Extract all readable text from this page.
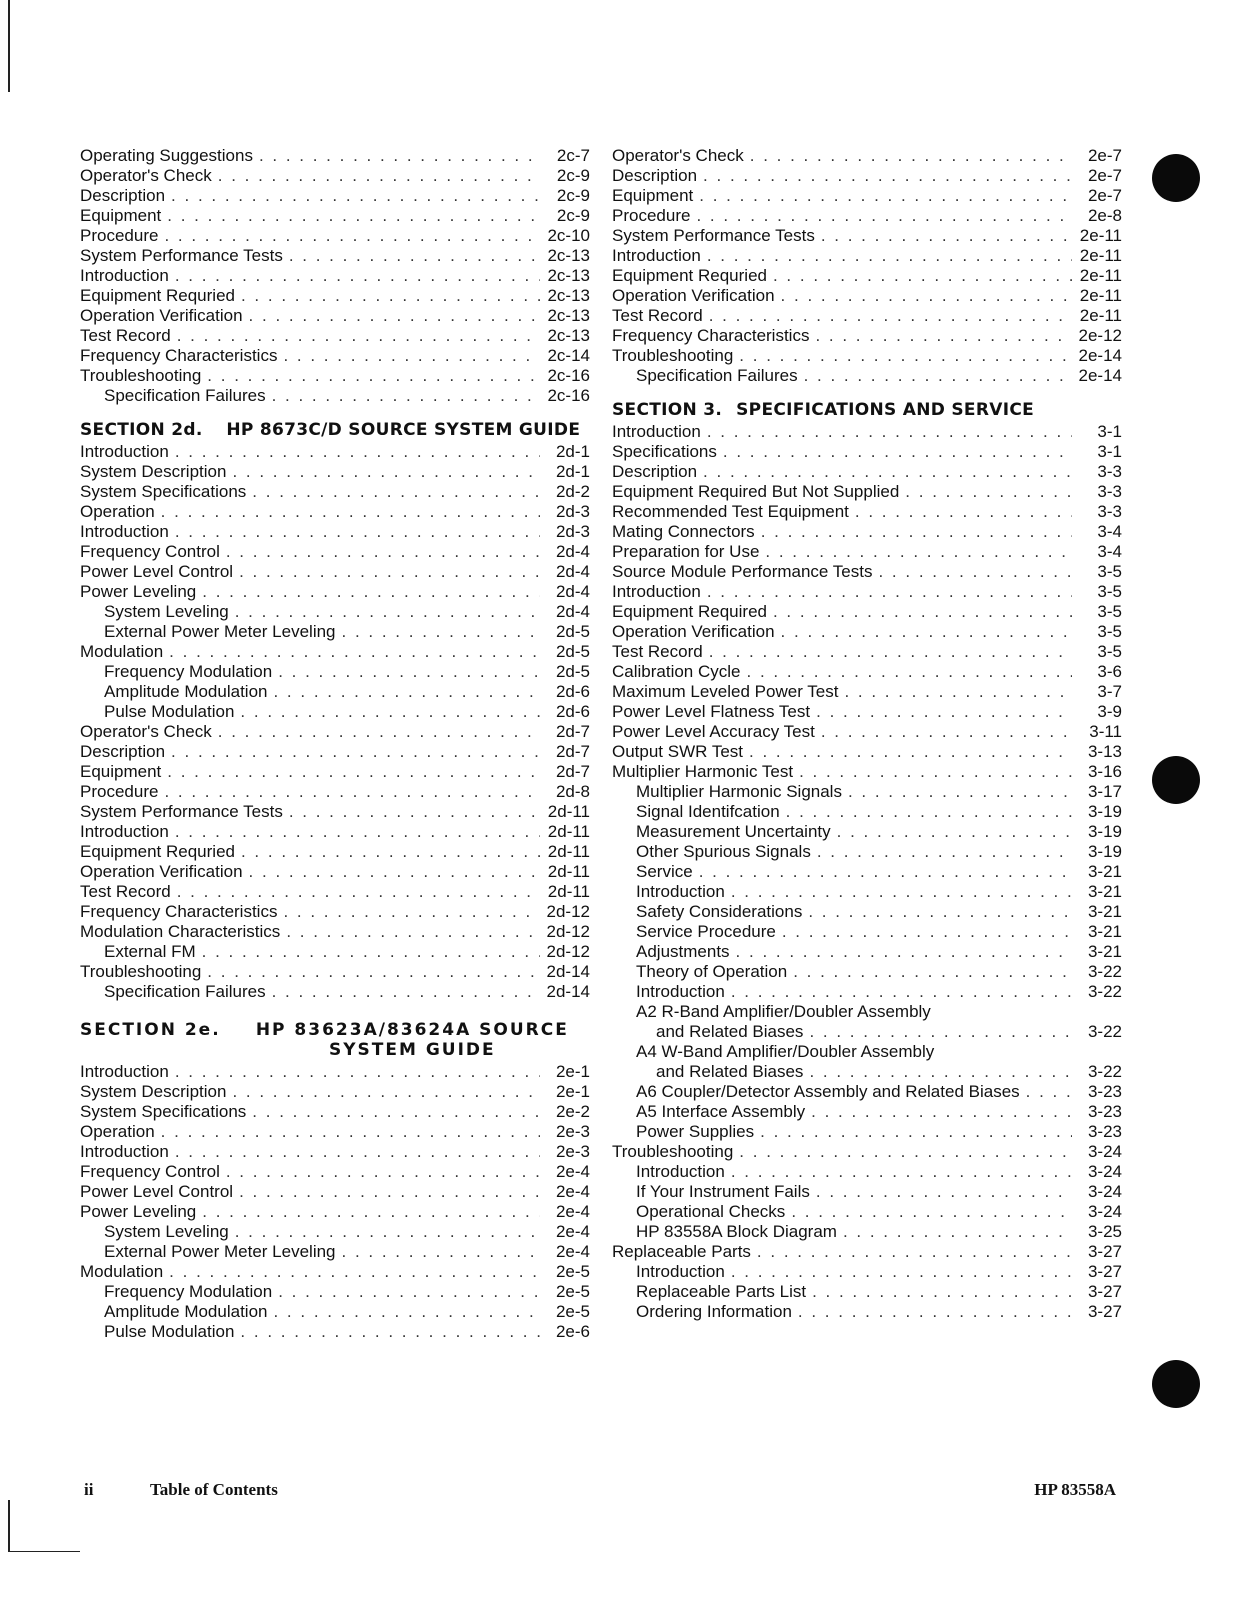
Operating Suggestions . . .	2c-7
Operator's Check . . .	2c-9
Description . . .	2c-9
Equipment . . .	2c-9
Procedure . . .	2c-10
System Performance Tests . . .	2c-13
Introduction . . .	2c-13
Equipment Requried . . .	2c-13
Operation Verification . . .	2c-13
Test Record . . .	2c-13
Frequency Characteristics . . .	2c-14
Troubleshooting . . .	2c-16
Specification Failures . . .	2c-16
SECTION 2d.	HP 8673C/D SOURCE SYSTEM GUIDE
Introduction . . .	2d-1
System Description . . .	2d-1
System Specifications . . .	2d-2
Operation . . .	2d-3
Introduction . . .	2d-3
Frequency Control . . .	2d-4
Power Level Control . . .	2d-4
Power Leveling . . .	2d-4
System Leveling . . .	2d-4
External Power Meter Leveling . . .	2d-5
Modulation . . .	2d-5
Frequency Modulation . . .	2d-5
Amplitude Modulation . . .	2d-6
Pulse Modulation . . .	2d-6
Operator's Check . . .	2d-7
Description . . .	2d-7
Equipment . . .	2d-7
Procedure . . .	2d-8
System Performance Tests . . .	2d-11
Introduction . . .	2d-11
Equipment Requried . . .	2d-11
Operation Verification . . .	2d-11
Test Record . . .	2d-11
Frequency Characteristics . . .	2d-12
Modulation Characteristics . . .	2d-12
External FM . . .	2d-12
Troubleshooting . . .	2d-14
Specification Failures . . .	2d-14
SECTION 2e.	HP 83623A/83624A SOURCE SYSTEM GUIDE
Introduction . . .	2e-1
System Description . . .	2e-1
System Specifications . . .	2e-2
Operation . . .	2e-3
Introduction . . .	2e-3
Frequency Control . . .	2e-4
Power Level Control . . .	2e-4
Power Leveling . . .	2e-4
System Leveling . . .	2e-4
External Power Meter Leveling . . .	2e-4
Modulation . . .	2e-5
Frequency Modulation . . .	2e-5
Amplitude Modulation . . .	2e-5
Pulse Modulation . . .	2e-6
Operator's Check . . .	2e-7
Description . . .	2e-7
Equipment . . .	2e-7
Procedure . . .	2e-8
System Performance Tests . . .	2e-11
Introduction . . .	2e-11
Equipment Requried . . .	2e-11
Operation Verification . . .	2e-11
Test Record . . .	2e-11
Frequency Characteristics . . .	2e-12
Troubleshooting . . .	2e-14
Specification Failures . . .	2e-14
SECTION 3. SPECIFICATIONS AND SERVICE
Introduction . . .	3-1
Specifications . . .	3-1
Description . . .	3-3
Equipment Required But Not Supplied . . .	3-3
Recommended Test Equipment . . .	3-3
Mating Connectors . . .	3-4
Preparation for Use . . .	3-4
Source Module Performance Tests . . .	3-5
Introduction . . .	3-5
Equipment Required . . .	3-5
Operation Verification . . .	3-5
Test Record . . .	3-5
Calibration Cycle . . .	3-6
Maximum Leveled Power Test . . .	3-7
Power Level Flatness Test . . .	3-9
Power Level Accuracy Test . . .	3-11
Output SWR Test . . .	3-13
Multiplier Harmonic Test . . .	3-16
Multiplier Harmonic Signals . . .	3-17
Signal Identifcation . . .	3-19
Measurement Uncertainty . . .	3-19
Other Spurious Signals . . .	3-19
Service . . .	3-21
Introduction . . .	3-21
Safety Considerations . . .	3-21
Service Procedure . . .	3-21
Adjustments . . .	3-21
Theory of Operation . . .	3-22
Introduction . . .	3-22
A2 R-Band Amplifier/Doubler Assembly
and Related Biases . . .	3-22
A4 W-Band Amplifier/Doubler Assembly
and Related Biases . . .	3-22
A6 Coupler/Detector Assembly and Related Biases . . .	3-23
A5 Interface Assembly . . .	3-23
Power Supplies . . .	3-23
Troubleshooting . . .	3-24
Introduction . . .	3-24
If Your Instrument Fails . . .	3-24
Operational Checks . . .	3-24
HP 83558A Block Diagram . . .	3-25
Replaceable Parts . . .	3-27
Introduction . . .	3-27
Replaceable Parts List . . .	3-27
Ordering Information . . .	3-27
ii	Table of Contents	HP 83558A
